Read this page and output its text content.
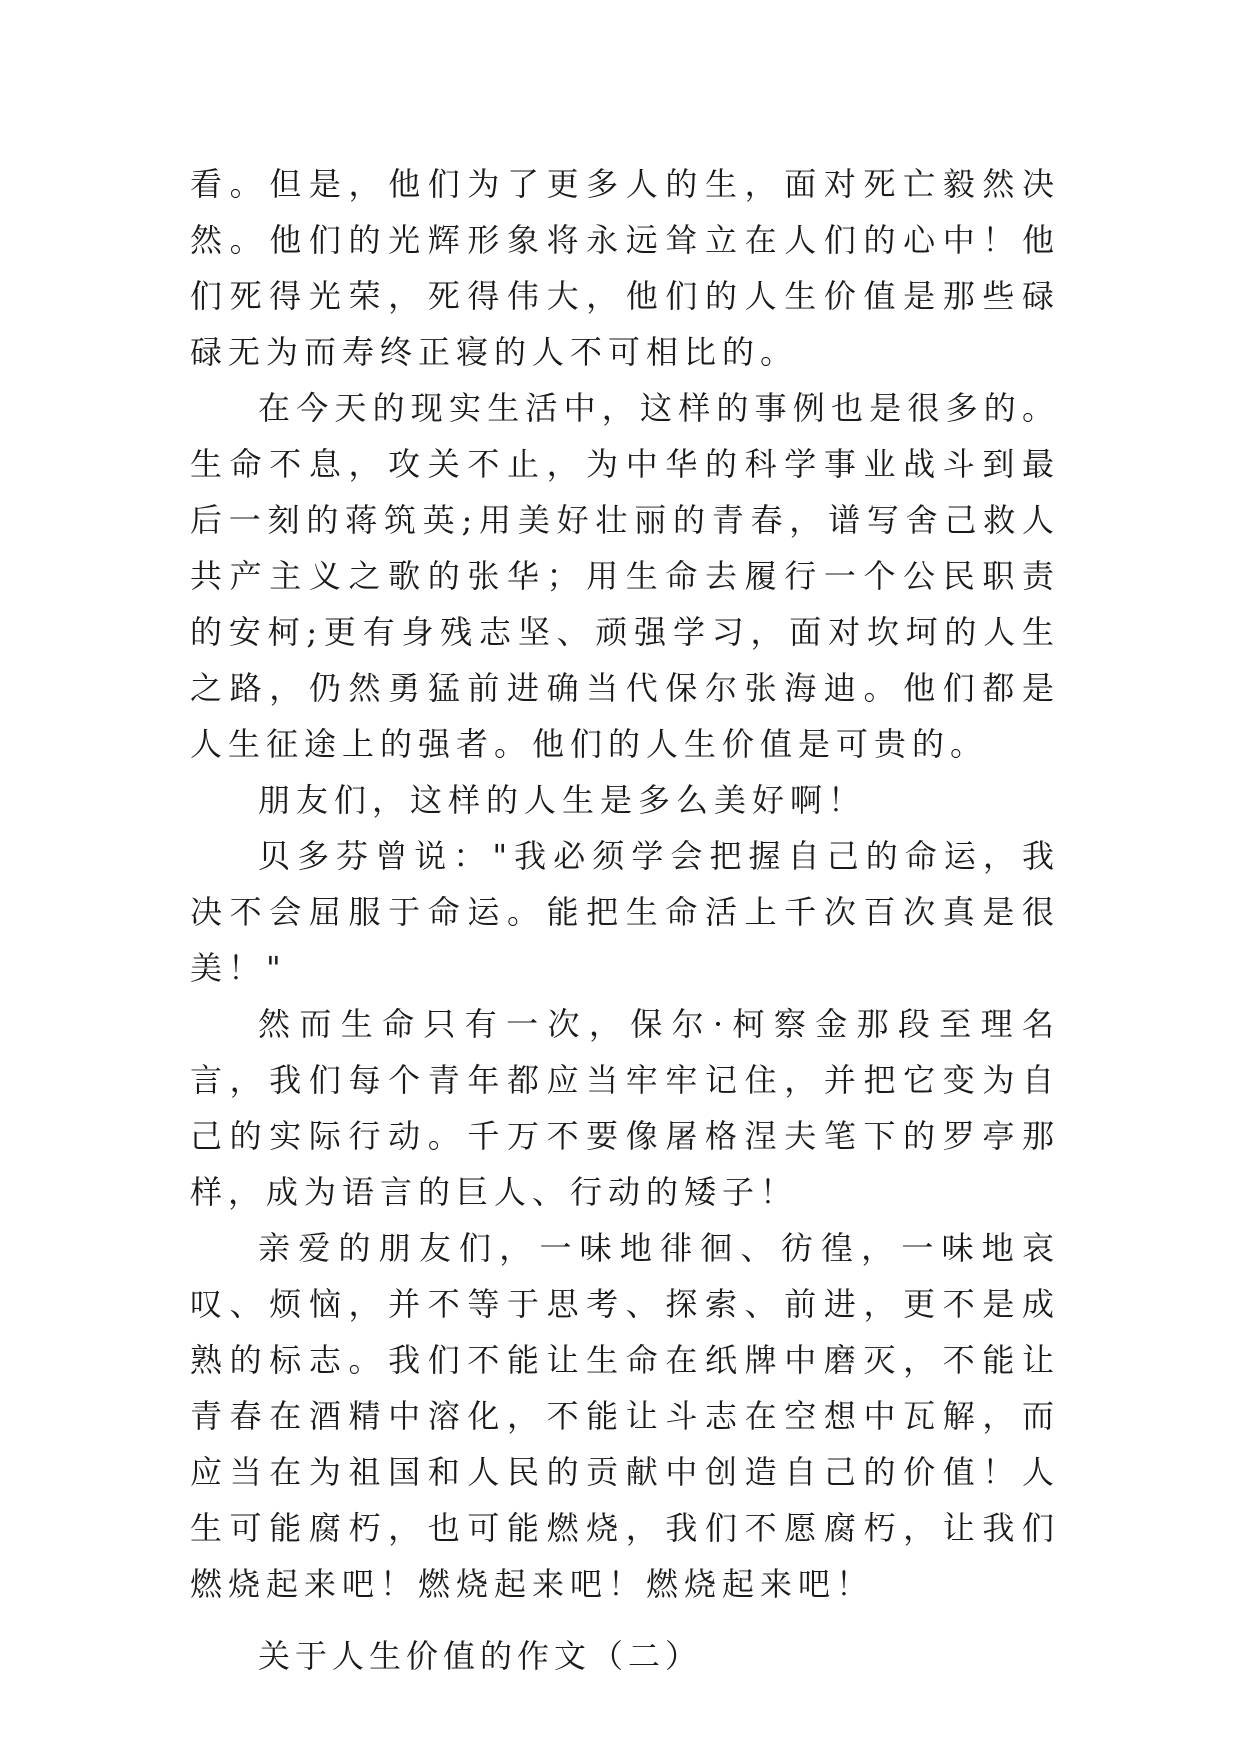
看。但是，他们为了更多人的生，面对死亡毅然决然。他们的光辉形象将永远耸立在人们的心中！他们死得光荣，死得伟大，他们的人生价值是那些碌碌无为而寿终正寝的人不可相比的。

在今天的现实生活中，这样的事例也是很多的。生命不息，攻关不止，为中华的科学事业战斗到最后一刻的蒋筑英;用美好壮丽的青春，谱写舍己救人共产主义之歌的张华；用生命去履行一个公民职责的安柯;更有身残志坚、顽强学习，面对坎坷的人生之路，仍然勇猛前进确当代保尔张海迪。他们都是人生征途上的强者。他们的人生价值是可贵的。

朋友们，这样的人生是多么美好啊！

贝多芬曾说："我必须学会把握自己的命运，我决不会屈服于命运。能把生命活上千次百次真是很美！"

然而生命只有一次，保尔·柯察金那段至理名言，我们每个青年都应当牢牢记住，并把它变为自己的实际行动。千万不要像屠格涅夫笔下的罗亭那样，成为语言的巨人、行动的矮子！

亲爱的朋友们，一味地徘徊、彷徨，一味地哀叹、烦恼，并不等于思考、探索、前进，更不是成熟的标志。我们不能让生命在纸牌中磨灭，不能让青春在酒精中溶化，不能让斗志在空想中瓦解，而应当在为祖国和人民的贡献中创造自己的价值！人生可能腐朽，也可能燃烧，我们不愿腐朽，让我们燃烧起来吧！燃烧起来吧！燃烧起来吧！

关于人生价值的作文（二）
